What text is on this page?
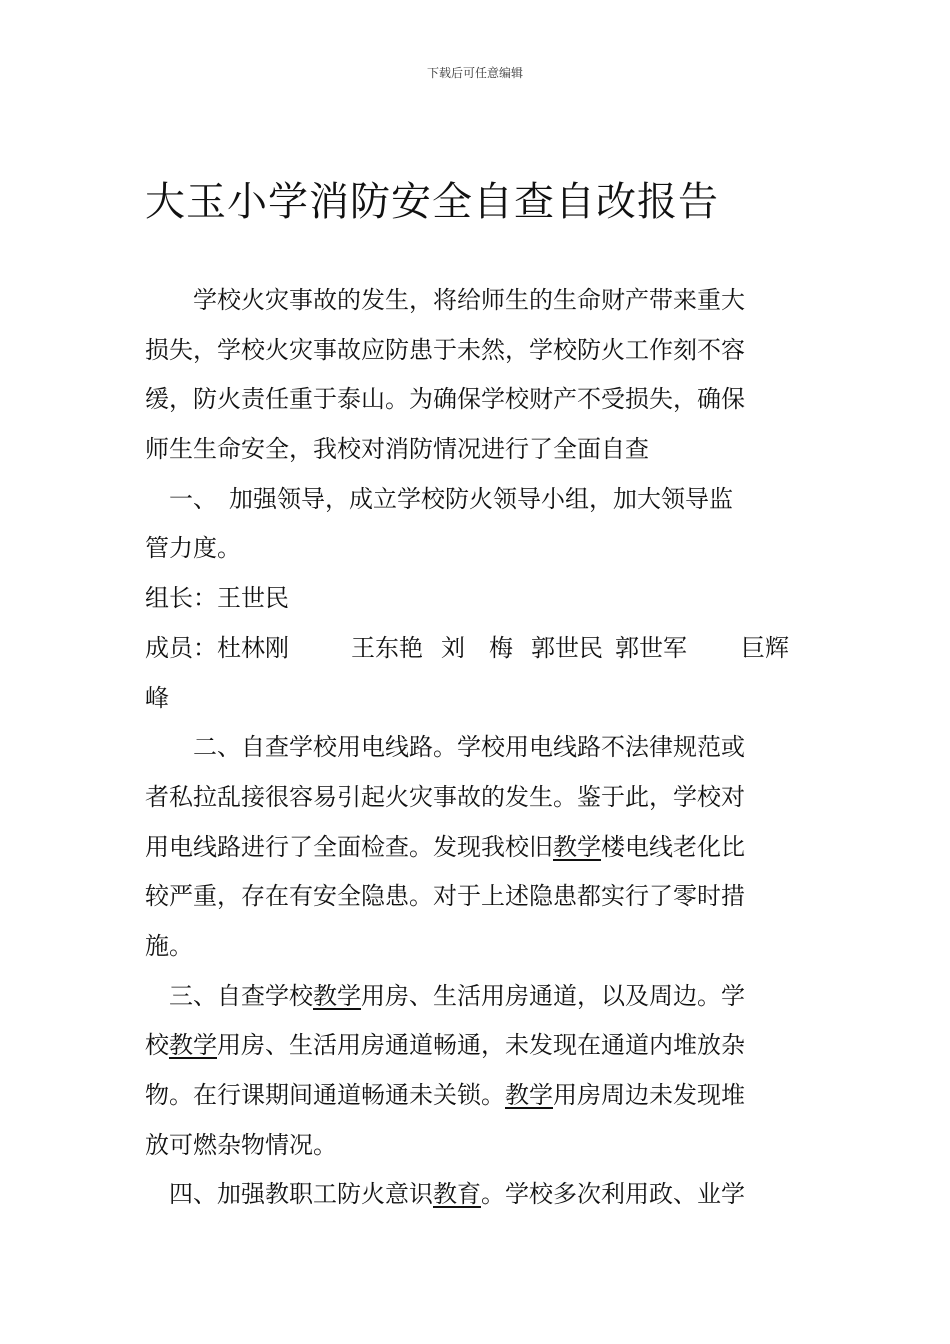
下载后可任意编辑
大玉小学消防安全自查自改报告
　　学校火灾事故的发生，将给师生的生命财产带来重大
损失，学校火灾事故应防患于未然，学校防火工作刻不容
缓，防火责任重于泰山。为确保学校财产不受损失，确保
师生生命安全，我校对消防情况进行了全面自查
　一、　加强领导，成立学校防火领导小组，加大领导监
管力度。
组长：王世民
成员：杜林刚	王东艳 刘　梅 郭世民 郭世军 巨辉
峰
　　二、自查学校用电线路。学校用电线路不法律规范或
者私拉乱接很容易引起火灾事故的发生。鉴于此，学校对
用电线路进行了全面检查。发现我校旧教学楼电线老化比
较严重，存在有安全隐患。对于上述隐患都实行了零时措
施。
　三、自查学校教学用房、生活用房通道，以及周边。学
校教学用房、生活用房通道畅通，未发现在通道内堆放杂
物。在行课期间通道畅通未关锁。教学用房周边未发现堆
放可燃杂物情况。
　四、加强教职工防火意识教育。学校多次利用政、业学
